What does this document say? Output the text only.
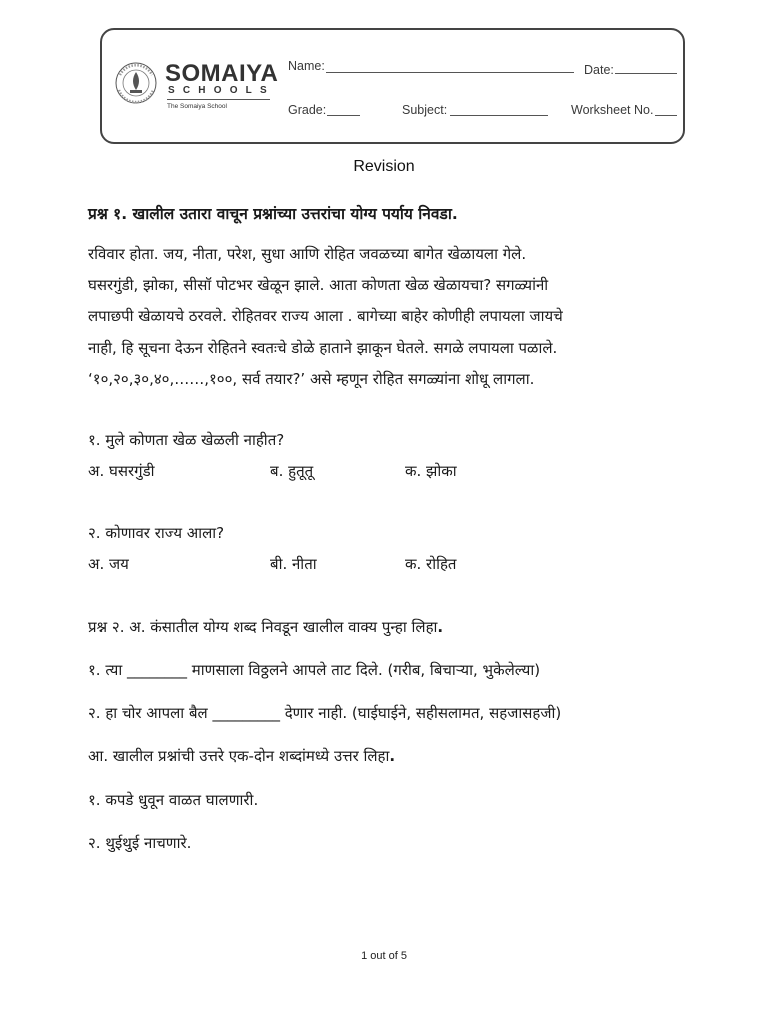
SOMAIYA
SCHOOLS
The Somaiya School
Name:	Date:
Grade:	Subject:	Worksheet No.
Revision
प्रश्न १. खालील उतारा वाचून प्रश्नांच्या उत्तरांचा योग्य पर्याय निवडा.
रविवार होता. जय, नीता, परेश, सुधा आणि रोहित जवळच्या बागेत खेळायला गेले.
घसरगुंडी, झोका, सीसॉ पोटभर खेळून झाले. आता कोणता खेळ खेळायचा? सगळ्यांनी
लपाछपी खेळायचे ठरवले. रोहितवर राज्य आला . बागेच्या बाहेर कोणीही लपायला जायचे
नाही, हि सूचना देऊन रोहितने स्वतःचे डोळे हाताने झाकून घेतले. सगळे लपायला पळाले.
‘१०,२०,३०,४०,……,१००, सर्व तयार?’ असे म्हणून रोहित सगळ्यांना शोधू लागला.
१. मुले कोणता खेळ खेळली नाहीत?
अ. घसरगुंडी	ब. हुतूतू	क. झोका
२. कोणावर राज्य आला?
अ. जय	बी. नीता	क. रोहित
प्रश्न २. अ. कंसातील योग्य शब्द निवडून खालील वाक्य पुन्हा लिहा.
१. त्या ________ माणसाला विठ्ठलने आपले ताट दिले. (गरीब, बिचाऱ्या, भुकेलेल्या)
२. हा चोर आपला बैल _________ देणार नाही. (घाईघाईने, सहीसलामत, सहजासहजी)
आ. खालील प्रश्नांची उत्तरे एक-दोन शब्दांमध्ये उत्तर लिहा.
१. कपडे धुवून वाळत घालणारी.
२. थुईथुई नाचणारे.
1 out of 5
